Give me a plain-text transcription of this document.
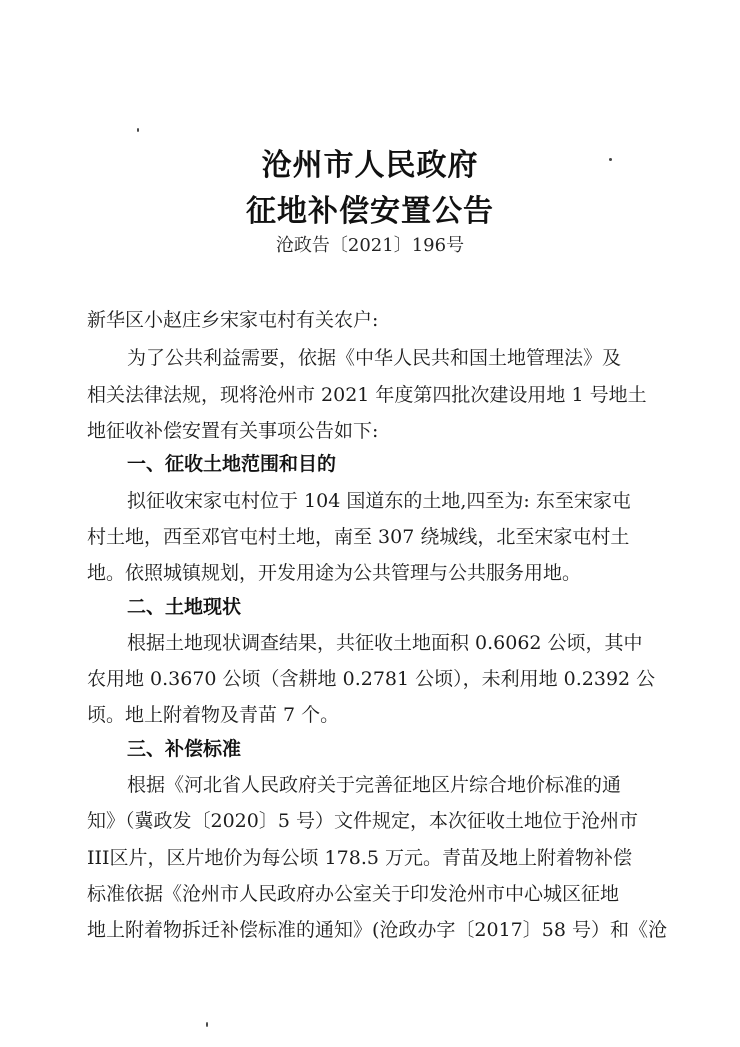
沧州市人民政府
征地补偿安置公告
沧政告〔2021〕196号
新华区小赵庄乡宋家屯村有关农户:
为了公共利益需要，依据《中华人民共和国土地管理法》及
相关法律法规，现将沧州市 2021 年度第四批次建设用地 1 号地土
地征收补偿安置有关事项公告如下:
一、征收土地范围和目的
拟征收宋家屯村位于 104 国道东的土地,四至为: 东至宋家屯
村土地，西至邓官屯村土地，南至 307 绕城线，北至宋家屯村土
地。依照城镇规划，开发用途为公共管理与公共服务用地。
二、土地现状
根据土地现状调查结果，共征收土地面积 0.6062 公顷，其中
农用地 0.3670 公顷（含耕地 0.2781 公顷），未利用地 0.2392 公
顷。地上附着物及青苗 7 个。
三、补偿标准
根据《河北省人民政府关于完善征地区片综合地价标准的通
知》（冀政发〔2020〕5 号）文件规定，本次征收土地位于沧州市
III区片，区片地价为每公顷 178.5 万元。青苗及地上附着物补偿
标准依据《沧州市人民政府办公室关于印发沧州市中心城区征地
地上附着物拆迁补偿标准的通知》(沧政办字〔2017〕58 号）和《沧
